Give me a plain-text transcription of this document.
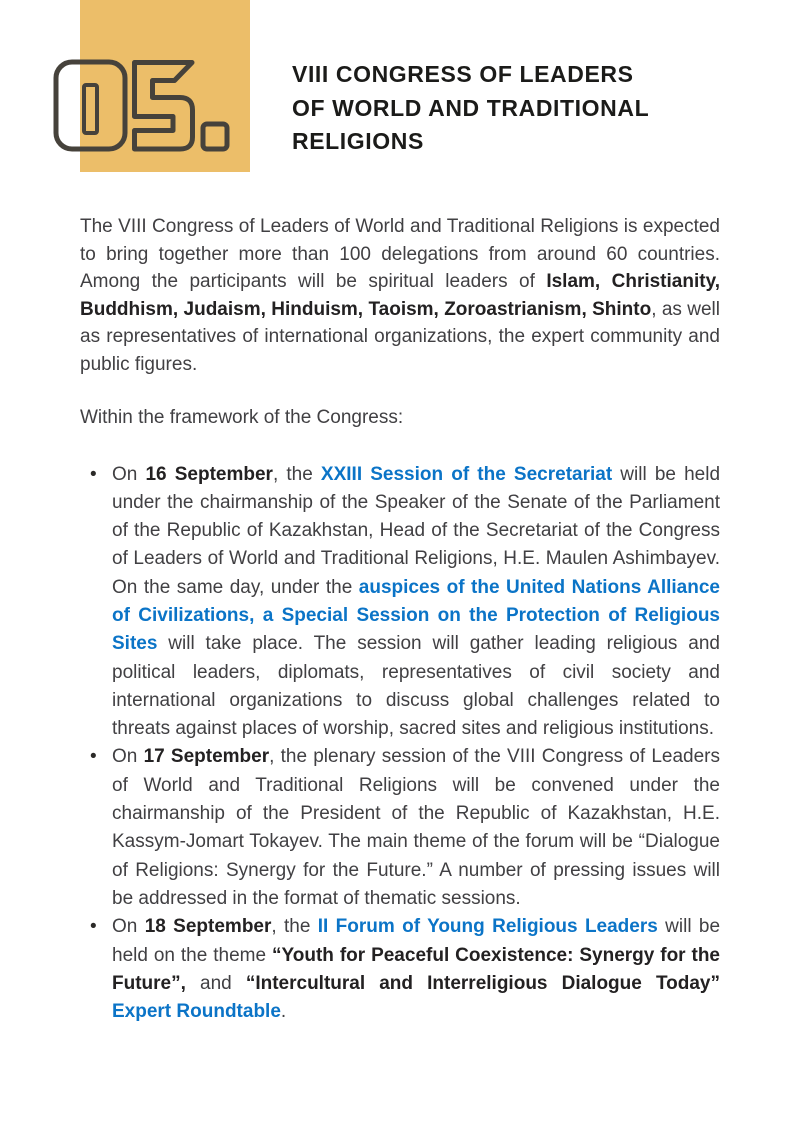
VIII CONGRESS OF LEADERS
OF WORLD AND TRADITIONAL
RELIGIONS

The VIII Congress of Leaders of World and Traditional Religions is expected to bring together more than 100 delegations from around 60 countries. Among the participants will be spiritual leaders of Islam, Christianity, Buddhism, Judaism, Hinduism, Taoism, Zoroastrianism, Shinto, as well as representatives of international organizations, the expert community and public figures.

Within the framework of the Congress:

• On 16 September, the XXIII Session of the Secretariat will be held under the chairmanship of the Speaker of the Senate of the Parliament of the Republic of Kazakhstan, Head of the Secretariat of the Congress of Leaders of World and Traditional Religions, H.E. Maulen Ashimbayev. On the same day, under the auspices of the United Nations Alliance of Civilizations, a Special Session on the Protection of Religious Sites will take place. The session will gather leading religious and political leaders, diplomats, representatives of civil society and international organizations to discuss global challenges related to threats against places of worship, sacred sites and religious institutions.
• On 17 September, the plenary session of the VIII Congress of Leaders of World and Traditional Religions will be convened under the chairmanship of the President of the Republic of Kazakhstan, H.E. Kassym-Jomart Tokayev. The main theme of the forum will be “Dialogue of Religions: Synergy for the Future.” A number of pressing issues will be addressed in the format of thematic sessions.
• On 18 September, the II Forum of Young Religious Leaders will be held on the theme “Youth for Peaceful Coexistence: Synergy for the Future”, and “Intercultural and Interreligious Dialogue Today” Expert Roundtable.
